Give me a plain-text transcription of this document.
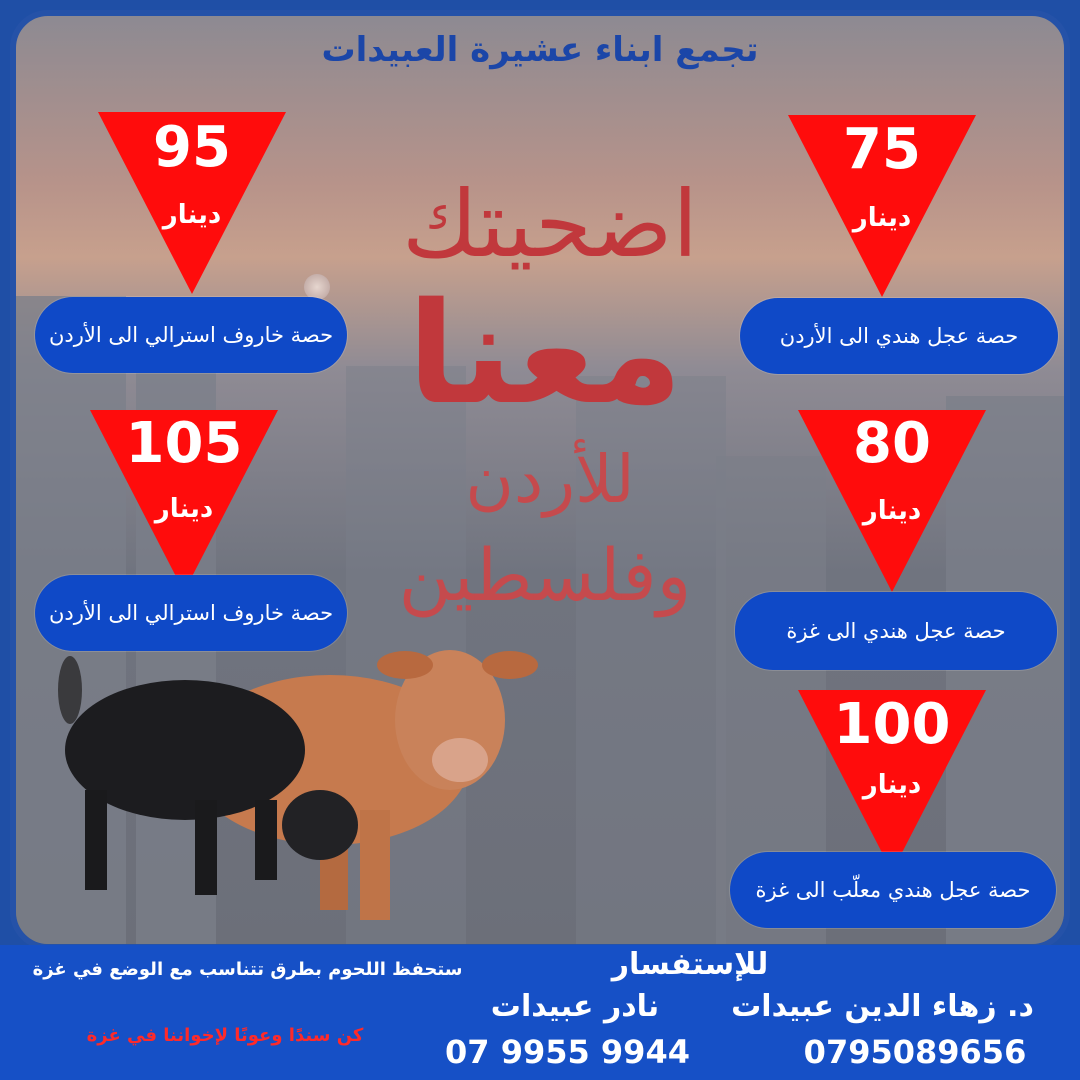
تجمع ابناء عشيرة العبيدات
اضحيتك
معنا
للأردن
وفلسطين
95
دينار
حصة خاروف استرالي الى الأردن
75
دينار
حصة عجل هندي الى الأردن
105
دينار
حصة خاروف استرالي الى الأردن
80
دينار
حصة عجل هندي الى غزة
100
دينار
حصة عجل هندي معلّب الى غزة
ستحفظ اللحوم بطرق تتناسب مع الوضع في غزة
كن سندًا وعونًا لإخواننا في غزة
للإستفسار
د. زهاء الدين عبيدات
0795089656
نادر عبيدات
07 9955 9944
